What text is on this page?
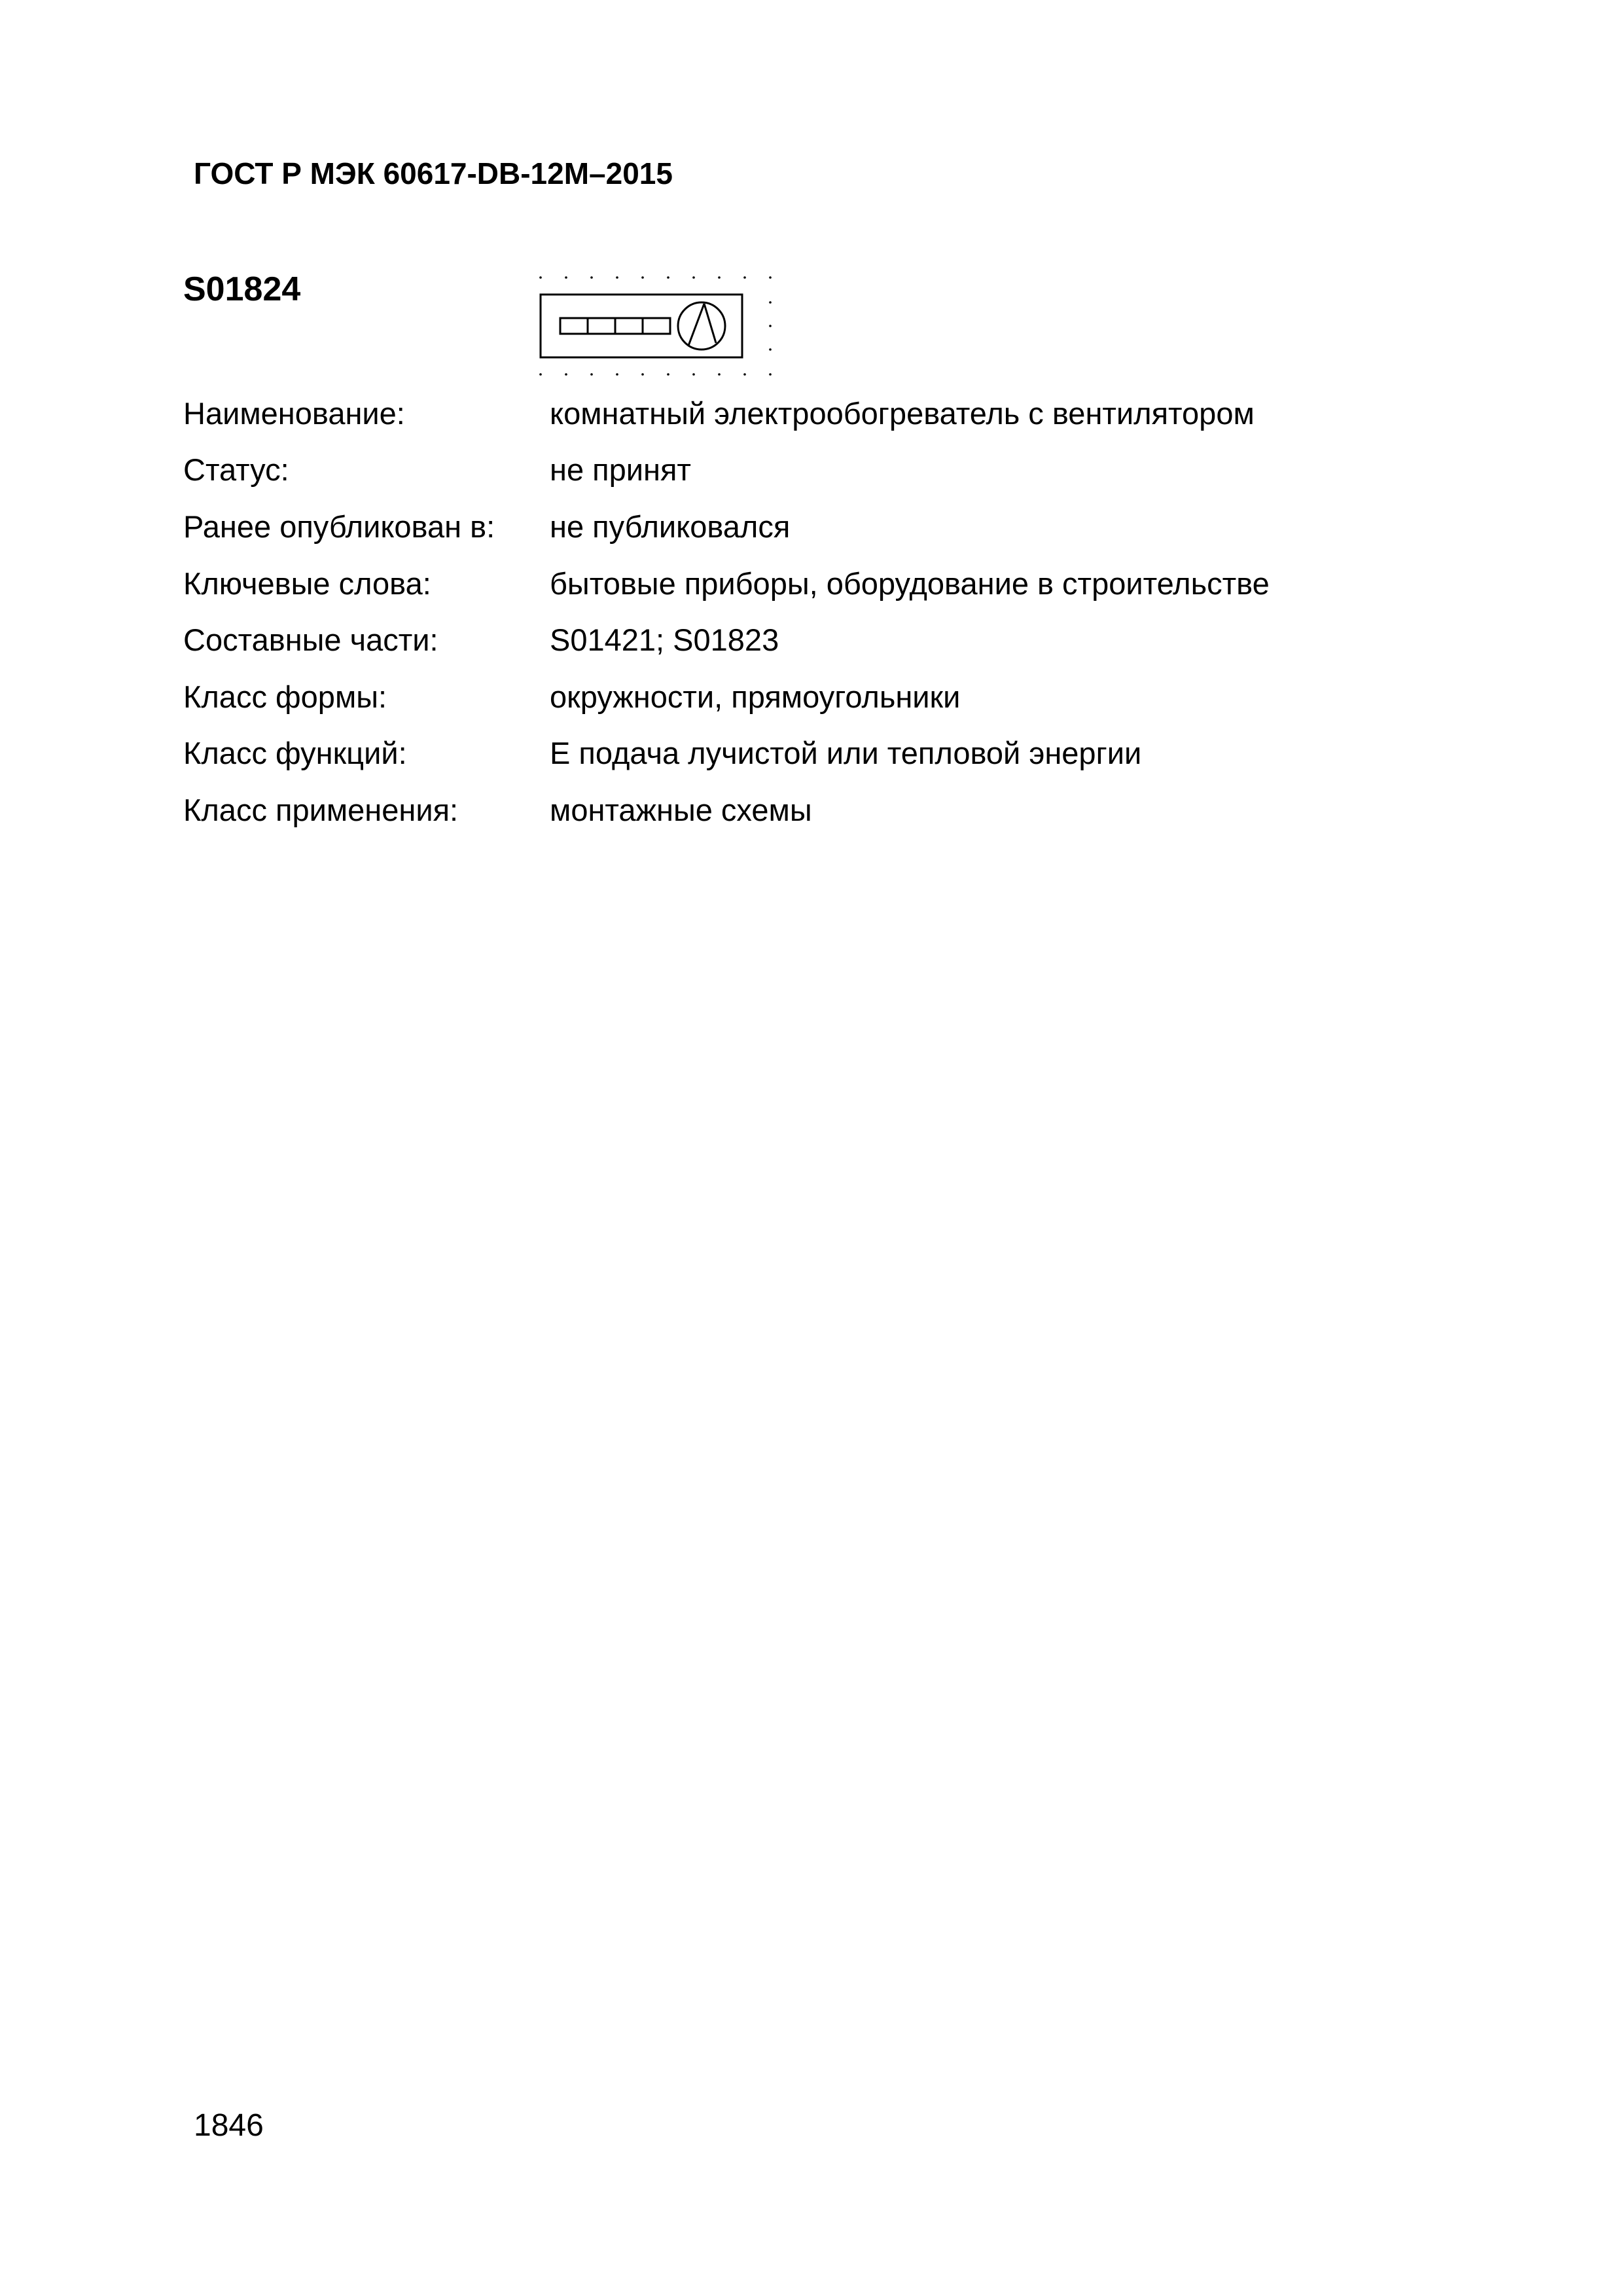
ГОСТ Р МЭК 60617-DB-12M–2015
S01824
Наименование:	комнатный электрообогреватель с вентилятором
Статус:	не принят
Ранее опубликован в:	не публиковался
Ключевые слова:	бытовые приборы, оборудование в строительстве
Составные части:	S01421; S01823
Класс формы:	окружности, прямоугольники
Класс функций:	Е подача лучистой или тепловой энергии
Класс применения:	монтажные схемы
1846
